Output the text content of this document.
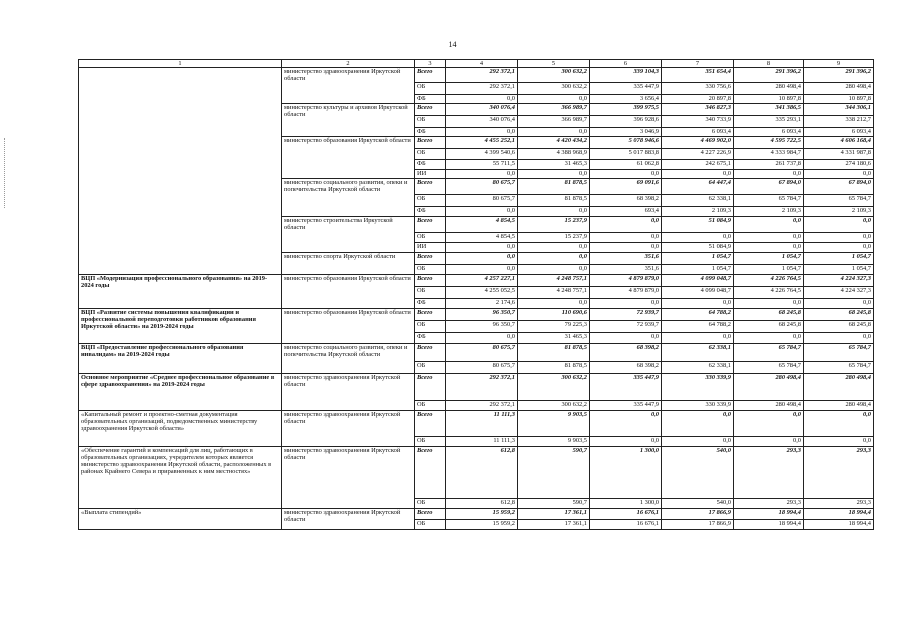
14
1	2	3	4	5	6	7	8	9
	министерство здравоохранения Иркутской области	Всего	292 372,1	300 632,2	339 104,3	351 654,4	291 396,2	291 396,2
		ОБ	292 372,1	300 632,2	335 447,9	330 756,6	280 498,4	280 498,4
		ФБ	0,0	0,0	3 656,4	20 897,8	10 897,8	10 897,8
	министерство культуры и архивов Иркутской области	Всего	340 076,4	366 989,7	399 975,5	346 827,3	341 386,5	344 306,1
		ОБ	340 076,4	366 989,7	396 928,6	340 733,9	335 293,1	338 212,7
		ФБ	0,0	0,0	3 046,9	6 093,4	6 093,4	6 093,4
	министерство образования Иркутской области	Всего	4 455 252,1	4 420 434,2	5 078 946,6	4 469 902,0	4 595 722,5	4 606 168,4
		ОБ	4 399 540,6	4 388 968,9	5 017 883,8	4 227 226,9	4 333 984,7	4 331 987,8
		ФБ	55 711,5	31 465,3	61 062,8	242 675,1	261 737,8	274 180,6
		ИИ	0,0	0,0	0,0	0,0	0,0	0,0
	министерство социального развития, опеки и попечительства Иркутской области	Всего	80 675,7	81 878,5	69 091,6	64 447,4	67 894,0	67 894,0
		ОБ	80 675,7	81 878,5	68 398,2	62 338,1	65 784,7	65 784,7
		ФБ	0,0	0,0	693,4	2 109,3	2 109,3	2 109,3
	министерство строительства Иркутской области	Всего	4 854,5	15 237,9	0,0	51 084,9	0,0	0,0
		ОБ	4 854,5	15 237,9	0,0	0,0	0,0	0,0
		ИИ	0,0	0,0	0,0	51 084,9	0,0	0,0
	министерство спорта Иркутской области	Всего	0,0	0,0	351,6	1 054,7	1 054,7	1 054,7
		ОБ	0,0	0,0	351,6	1 054,7	1 054,7	1 054,7
ВЦП «Модернизация профессионального образования» на 2019-2024 годы	министерство образования Иркутской области	Всего	4 257 227,1	4 248 757,1	4 879 879,0	4 099 048,7	4 226 764,5	4 224 327,3
		ОБ	4 255 052,5	4 248 757,1	4 879 879,0	4 099 048,7	4 226 764,5	4 224 327,3
		ФБ	2 174,6	0,0	0,0	0,0	0,0	0,0
ВЦП «Развитие системы повышения квалификации и профессиональной переподготовки работников образования Иркутской области» на 2019-2024 годы	министерство образования Иркутской области	Всего	96 350,7	110 690,6	72 939,7	64 788,2	68 245,8	68 245,8
		ОБ	96 350,7	79 225,3	72 939,7	64 788,2	68 245,8	68 245,8
		ФБ	0,0	31 465,3	0,0	0,0	0,0	0,0
ВЦП «Предоставление профессионального образования инвалидам» на 2019-2024 годы	министерство социального развития, опеки и попечительства Иркутской области	Всего	80 675,7	81 878,5	68 398,2	62 338,1	65 784,7	65 784,7
		ОБ	80 675,7	81 878,5	68 398,2	62 338,1	65 784,7	65 784,7
Основное мероприятие «Среднее профессиональное образование в сфере здравоохранения» на 2019-2024 годы	министерство здравоохранения Иркутской области	Всего	292 372,1	300 632,2	335 447,9	330 339,9	280 498,4	280 498,4
		ОБ	292 372,1	300 632,2	335 447,9	330 339,9	280 498,4	280 498,4
«Капитальный ремонт и проектно-сметная документация образовательных организаций, подведомственных министерству здравоохранения Иркутской области»	министерство здравоохранения Иркутской области	Всего	11 111,3	9 903,5	0,0	0,0	0,0	0,0
		ОБ	11 111,3	9 903,5	0,0	0,0	0,0	0,0
«Обеспечение гарантий и компенсаций для лиц, работающих в образовательных организациях, учредителем которых является министерство здравоохранения Иркутской области, расположенных в районах Крайнего Севера и приравненных к ним местностях»	министерство здравоохранения Иркутской области	Всего	612,8	590,7	1 300,0	540,0	293,3	293,3
		ОБ	612,8	590,7	1 300,0	540,0	293,3	293,3
«Выплата стипендий»	министерство здравоохранения Иркутской области	Всего	15 959,2	17 361,1	16 676,1	17 866,9	18 994,4	18 994,4
		ОБ	15 959,2	17 361,1	16 676,1	17 866,9	18 994,4	18 994,4
